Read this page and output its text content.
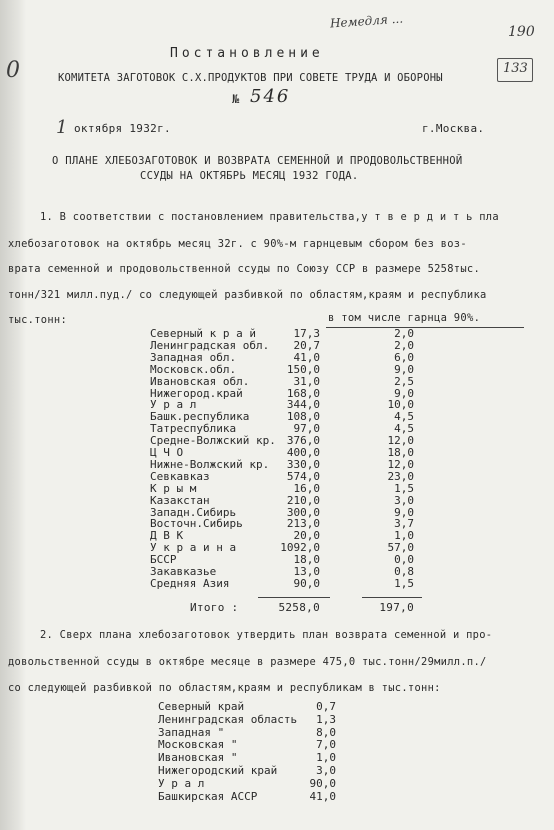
Немедля ...
190
133
0
Постановление
КОМИТЕТА ЗАГОТОВОК С.Х.ПРОДУКТОВ ПРИ СОВЕТЕ ТРУДА И ОБОРОНЫ
№ 546
1 октября 1932г.	г.Москва.
О ПЛАНЕ ХЛЕБОЗАГОТОВОК И ВОЗВРАТА СЕМЕННОЙ И ПРОДОВОЛЬСТВЕННОЙ
ССУДЫ НА ОКТЯБРЬ МЕСЯЦ 1932 ГОДА.
1. В соответствии с постановлением правительства,у т в е р д и т ь пла
хлебозаготовок на октябрь месяц 32г. с 90%-м гарнцевым сбором без воз-
врата семенной и продовольственной ссуды по Союзу ССР в размере 5258тыс.
тонн/321 милл.пуд./ со следующей разбивкой по областям,краям и республика
тыс.тонн:	в том числе гарнца 90%.
Северный к р а й	17,3	2,0
Ленинградская обл.	20,7	2,0
Западная обл.	41,0	6,0
Московск.обл.	150,0	9,0
Ивановская обл.	31,0	2,5
Нижегород.край	168,0	9,0
У р а л	344,0	10,0
Башк.республика	108,0	4,5
Татреспублика	97,0	4,5
Средне-Волжский кр.	376,0	12,0
Ц Ч О	400,0	18,0
Нижне-Волжский кр.	330,0	12,0
Севкавказ	574,0	23,0
К р ы м	16,0	1,5
Казакстан	210,0	3,0
Западн.Сибирь	300,0	9,0
Восточн.Сибирь	213,0	3,7
Д В К	20,0	1,0
У к р а и н а	1092,0	57,0
БССР	18,0	0,0
Закавказье	13,0	0,8
Средняя Азия	90,0	1,5
Итого :	5258,0	197,0
2. Сверх плана хлебозаготовок утвердить план возврата семенной и про-
довольственной ссуды в октябре месяце в размере 475,0 тыс.тонн/29милл.п./
со следующей разбивкой по областям,краям и республикам в тыс.тонн:
Северный край	0,7
Ленинградская область	1,3
Западная "	8,0
Московская "	7,0
Ивановская "	1,0
Нижегородский край	3,0
У р а л	90,0
Башкирская АССР	41,0
